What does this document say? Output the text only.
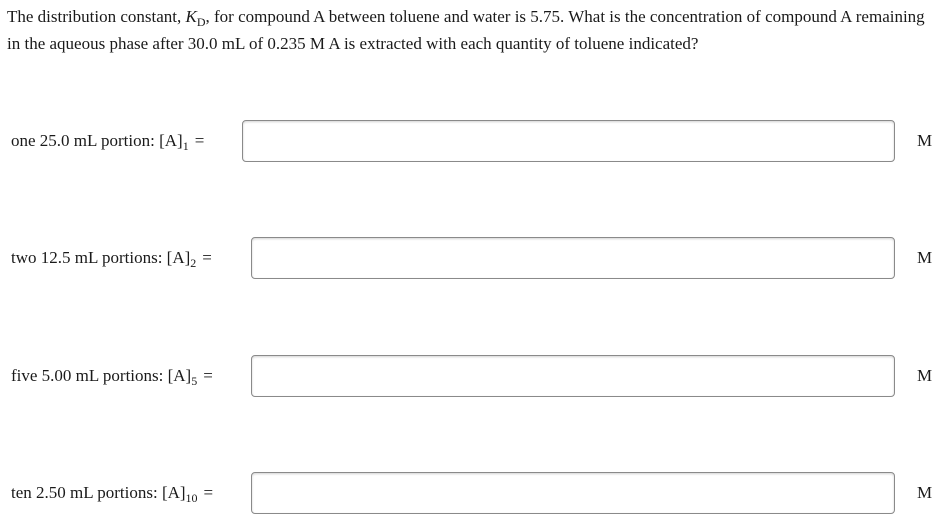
The distribution constant, $K_D$, for compound A between toluene and water is 5.75. What is the concentration of compound A remaining in the aqueous phase after 30.0 mL of 0.235 M A is extracted with each quantity of toluene indicated?
one 25.0 mL portion: $[A]_1$ =	M
two 12.5 mL portions: $[A]_2$ =	M
five 5.00 mL portions: $[A]_5$ =	M
ten 2.50 mL portions: $[A]_{10}$ =	M
